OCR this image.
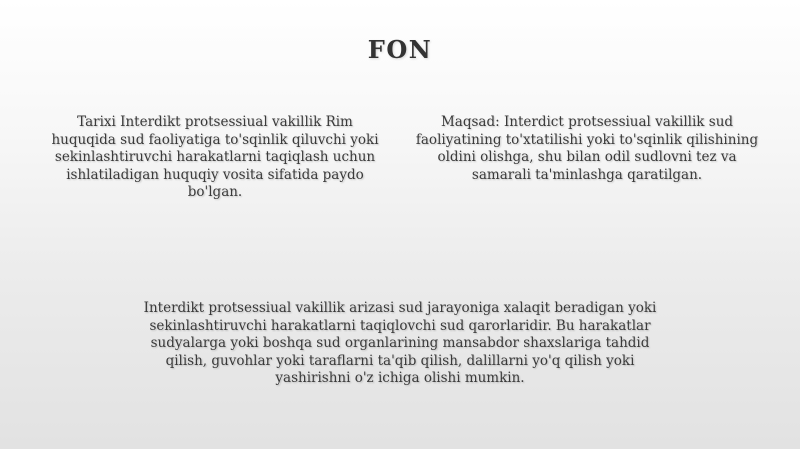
FON
Tarixi Interdikt protsessiual vakillik Rim huquqida sud faoliyatiga to'sqinlik qiluvchi yoki sekinlashtiruvchi harakatlarni taqiqlash uchun ishlatiladigan huquqiy vosita sifatida paydo bo'lgan.
Maqsad: Interdict protsessiual vakillik sud faoliyatining to'xtatilishi yoki to'sqinlik qilishining oldini olishga, shu bilan odil sudlovni tez va samarali ta'minlashga qaratilgan.
Interdikt protsessiual vakillik arizasi sud jarayoniga xalaqit beradigan yoki sekinlashtiruvchi harakatlarni taqiqlovchi sud qarorlaridir. Bu harakatlar sudyalarga yoki boshqa sud organlarining mansabdor shaxslariga tahdid qilish, guvohlar yoki taraflarni ta'qib qilish, dalillarni yo'q qilish yoki yashirishni o'z ichiga olishi mumkin.
